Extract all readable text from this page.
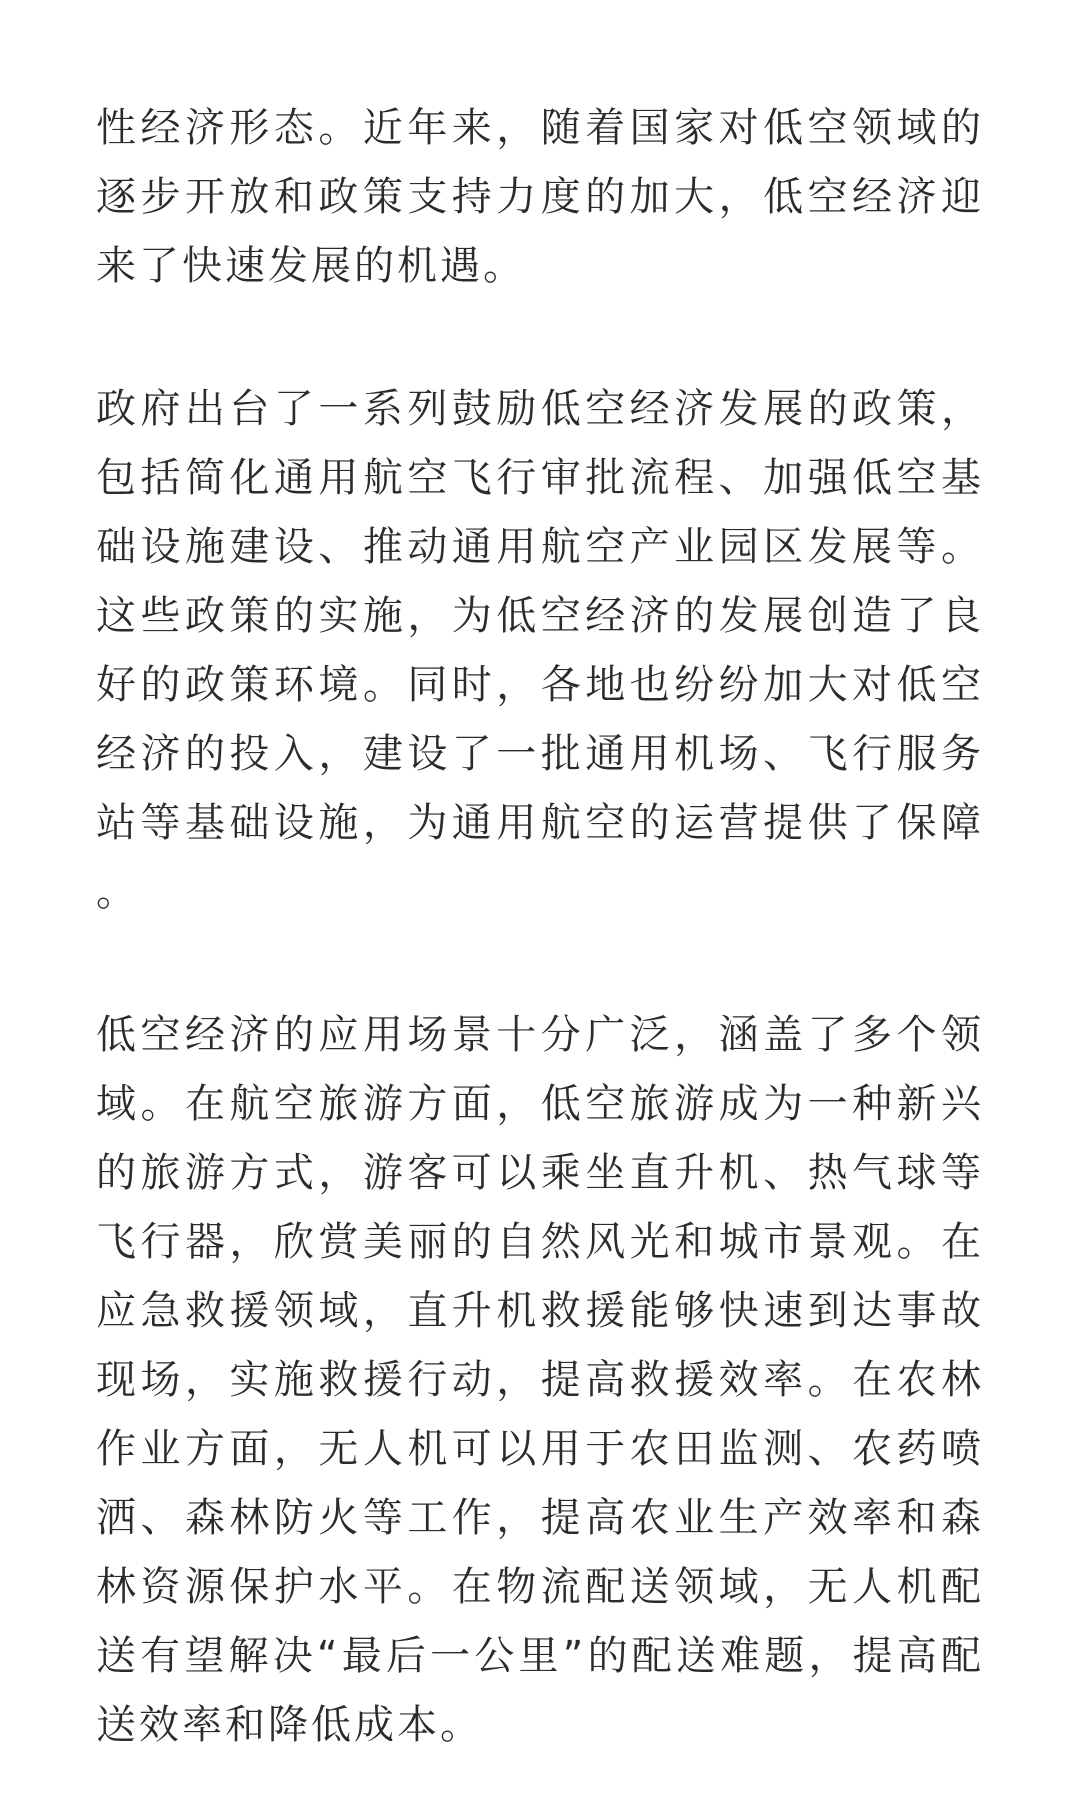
性经济形态。近年来，随着国家对低空领域的逐步开放和政策支持力度的加大，低空经济迎来了快速发展的机遇。

政府出台了一系列鼓励低空经济发展的政策，包括简化通用航空飞行审批流程、加强低空基础设施建设、推动通用航空产业园区发展等。这些政策的实施，为低空经济的发展创造了良好的政策环境。同时，各地也纷纷加大对低空经济的投入，建设了一批通用机场、飞行服务站等基础设施，为通用航空的运营提供了保障。

低空经济的应用场景十分广泛，涵盖了多个领域。在航空旅游方面，低空旅游成为一种新兴的旅游方式，游客可以乘坐直升机、热气球等飞行器，欣赏美丽的自然风光和城市景观。在应急救援领域，直升机救援能够快速到达事故现场，实施救援行动，提高救援效率。在农林作业方面，无人机可以用于农田监测、农药喷洒、森林防火等工作，提高农业生产效率和森林资源保护水平。在物流配送领域，无人机配送有望解决“最后一公里”的配送难题，提高配送效率和降低成本。
